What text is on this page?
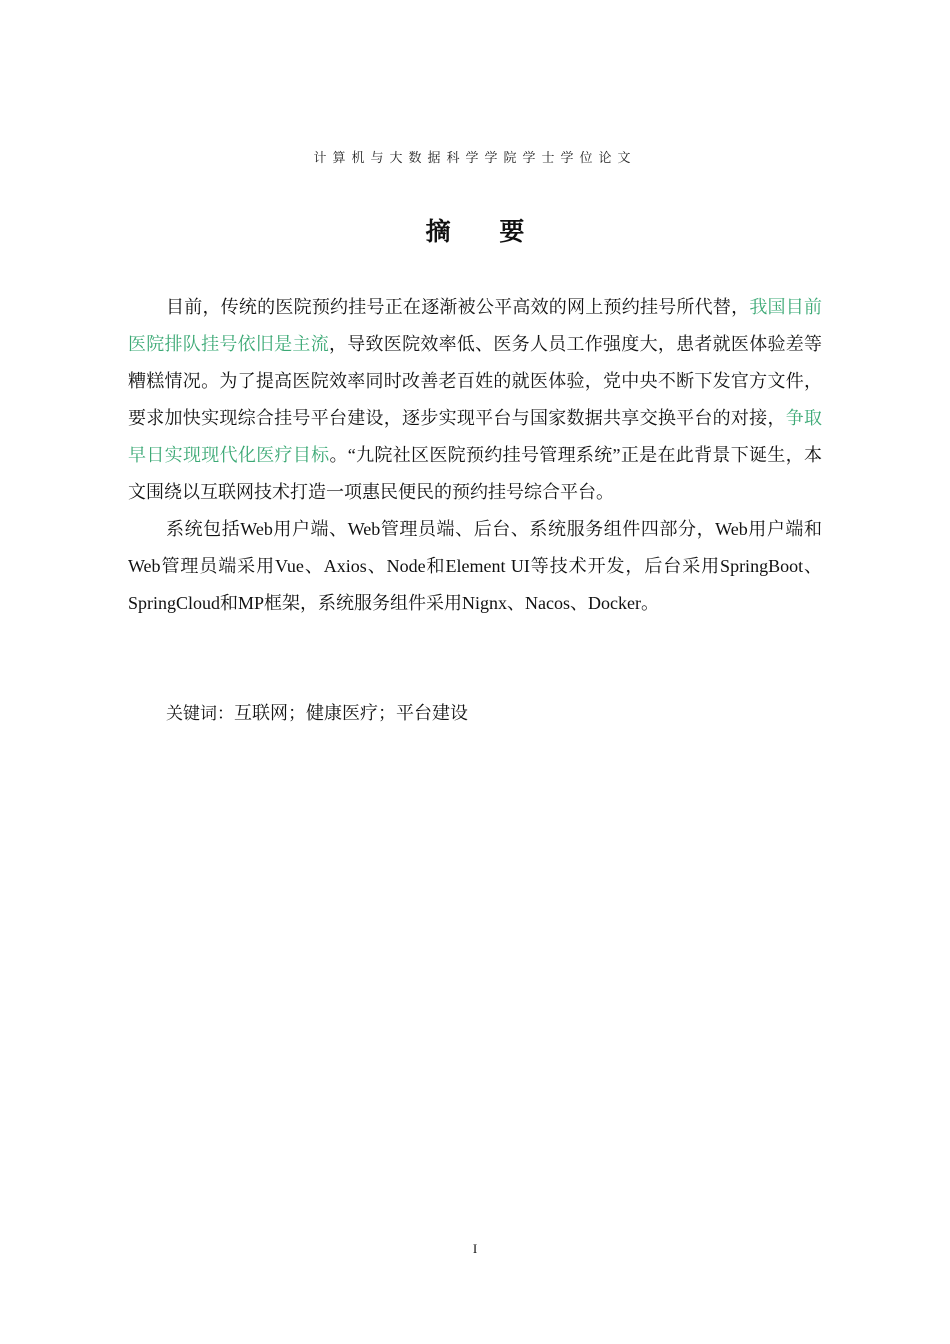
计算机与大数据科学学院学士学位论文
摘 要

目前，传统的医院预约挂号正在逐渐被公平高效的网上预约挂号所代替，我国目前医院排队挂号依旧是主流，导致医院效率低、医务人员工作强度大，患者就医体验差等糟糕情况。为了提高医院效率同时改善老百姓的就医体验，党中央不断下发官方文件，要求加快实现综合挂号平台建设，逐步实现平台与国家数据共享交换平台的对接，争取早日实现现代化医疗目标。“九院社区医院预约挂号管理系统”正是在此背景下诞生，本文围绕以互联网技术打造一项惠民便民的预约挂号综合平台。

系统包括Web用户端、Web管理员端、后台、系统服务组件四部分，Web用户端和Web管理员端采用Vue、Axios、Node和Element UI等技术开发，后台采用SpringBoot、SpringCloud和MP框架，系统服务组件采用Nignx、Nacos、Docker。

关键词：互联网；健康医疗；平台建设
I
